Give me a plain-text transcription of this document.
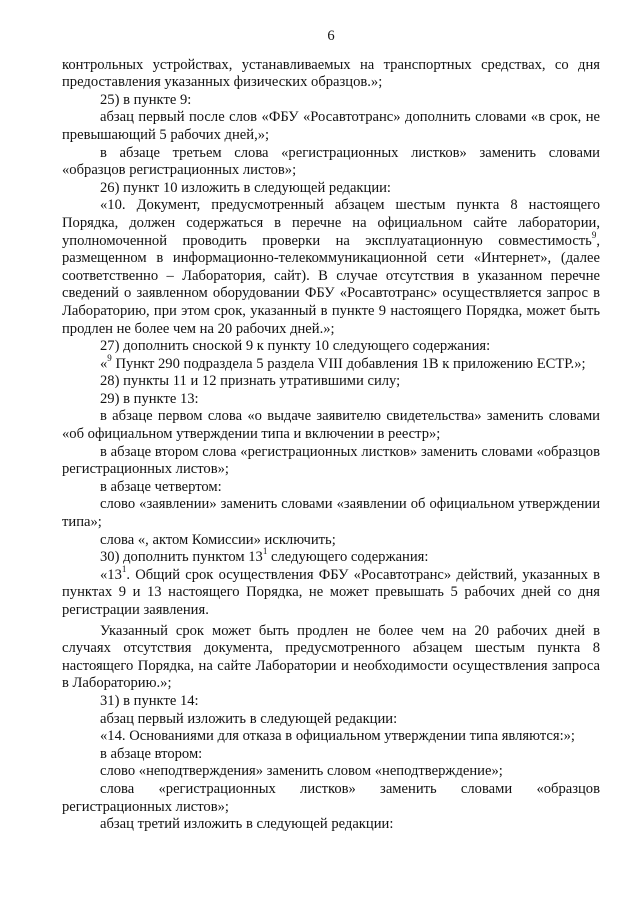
6

контрольных устройствах, устанавливаемых на транспортных средствах, со дня предоставления указанных физических образцов.»;

25) в пункте 9:

абзац первый после слов «ФБУ «Росавтотранс» дополнить словами «в срок, не превышающий 5 рабочих дней,»;

в абзаце третьем слова «регистрационных листков» заменить словами «образцов регистрационных листов»;

26) пункт 10 изложить в следующей редакции:

«10. Документ, предусмотренный абзацем шестым пункта 8 настоящего Порядка, должен содержаться в перечне на официальном сайте лаборатории, уполномоченной проводить проверки на эксплуатационную совместимость$^9$, размещенном в информационно-телекоммуникационной сети «Интернет», (далее соответственно – Лаборатория, сайт). В случае отсутствия в указанном перечне сведений о заявленном оборудовании ФБУ «Росавтотранс» осуществляется запрос в Лабораторию, при этом срок, указанный в пункте 9 настоящего Порядка, может быть продлен не более чем на 20 рабочих дней.»;

27) дополнить сноской 9 к пункту 10 следующего содержания:

«$^9$ Пункт 290 подраздела 5 раздела VIII добавления 1B к приложению ЕСТР.»;

28) пункты 11 и 12 признать утратившими силу;

29) в пункте 13:

в абзаце первом слова «о выдаче заявителю свидетельства» заменить словами «об официальном утверждении типа и включении в реестр»;

в абзаце втором слова «регистрационных листков» заменить словами «образцов регистрационных листов»;

в абзаце четвертом:

слово «заявлении» заменить словами «заявлении об официальном утверждении типа»;

слова «, актом Комиссии» исключить;

30) дополнить пунктом $13^1$ следующего содержания:

«$13^1$. Общий срок осуществления ФБУ «Росавтотранс» действий, указанных в пунктах 9 и 13 настоящего Порядка, не может превышать 5 рабочих дней со дня регистрации заявления.

Указанный срок может быть продлен не более чем на 20 рабочих дней в случаях отсутствия документа, предусмотренного абзацем шестым пункта 8 настоящего Порядка, на сайте Лаборатории и необходимости осуществления запроса в Лабораторию.»;

31) в пункте 14:

абзац первый изложить в следующей редакции:

«14. Основаниями для отказа в официальном утверждении типа являются:»;

в абзаце втором:

слово «неподтверждения» заменить словом «неподтверждение»;

слова «регистрационных листков» заменить словами «образцов регистрационных листов»;

абзац третий изложить в следующей редакции:
